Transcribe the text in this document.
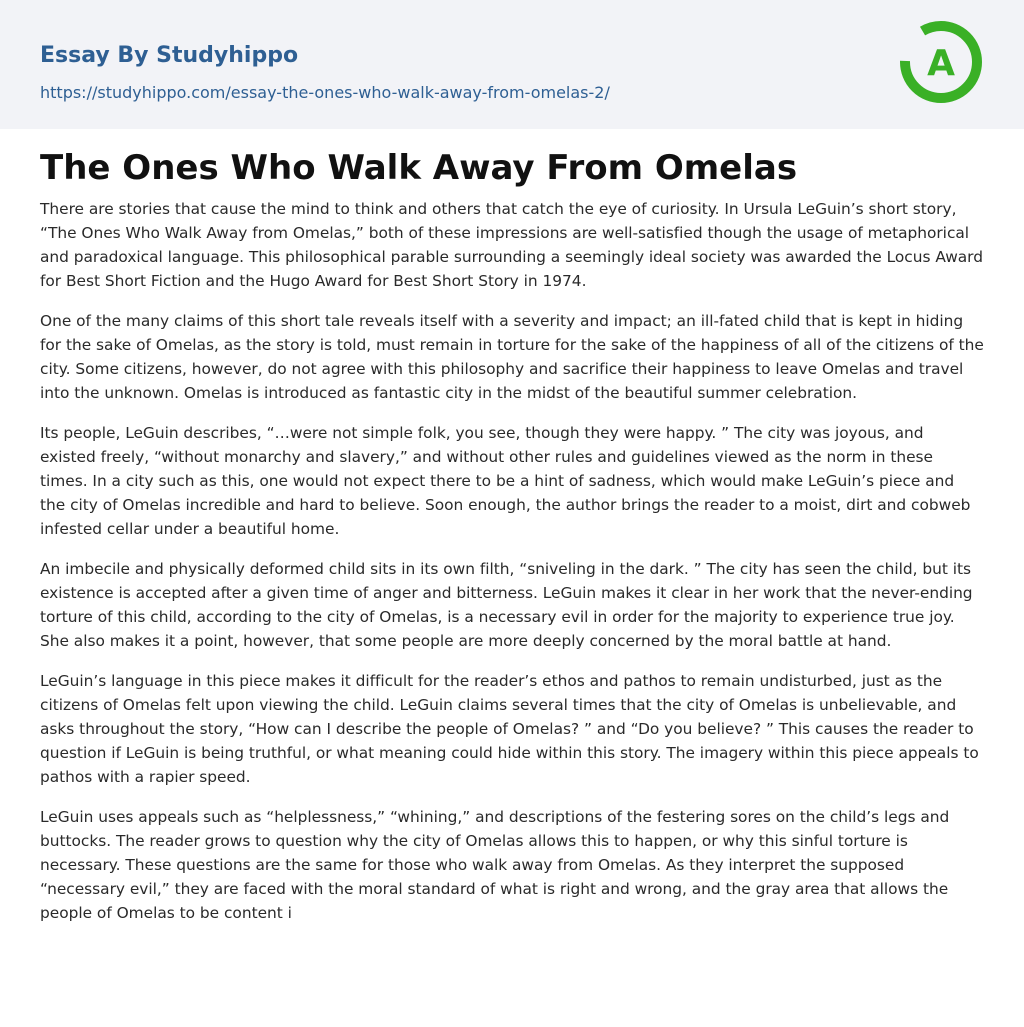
Essay By Studyhippo
https://studyhippo.com/essay-the-ones-who-walk-away-from-omelas-2/
A
The Ones Who Walk Away From Omelas

There are stories that cause the mind to think and others that catch the eye of curiosity. In Ursula LeGuin’s short story, “The Ones Who Walk Away from Omelas,” both of these impressions are well-satisfied though the usage of metaphorical and paradoxical language. This philosophical parable surrounding a seemingly ideal society was awarded the Locus Award for Best Short Fiction and the Hugo Award for Best Short Story in 1974.

One of the many claims of this short tale reveals itself with a severity and impact; an ill-fated child that is kept in hiding for the sake of Omelas, as the story is told, must remain in torture for the sake of the happiness of all of the citizens of the city. Some citizens, however, do not agree with this philosophy and sacrifice their happiness to leave Omelas and travel into the unknown. Omelas is introduced as fantastic city in the midst of the beautiful summer celebration.

Its people, LeGuin describes, “…were not simple folk, you see, though they were happy. ” The city was joyous, and existed freely, “without monarchy and slavery,” and without other rules and guidelines viewed as the norm in these times. In a city such as this, one would not expect there to be a hint of sadness, which would make LeGuin’s piece and the city of Omelas incredible and hard to believe. Soon enough, the author brings the reader to a moist, dirt and cobweb infested cellar under a beautiful home.

An imbecile and physically deformed child sits in its own filth, “sniveling in the dark. ” The city has seen the child, but its existence is accepted after a given time of anger and bitterness. LeGuin makes it clear in her work that the never-ending torture of this child, according to the city of Omelas, is a necessary evil in order for the majority to experience true joy. She also makes it a point, however, that some people are more deeply concerned by the moral battle at hand.

LeGuin’s language in this piece makes it difficult for the reader’s ethos and pathos to remain undisturbed, just as the citizens of Omelas felt upon viewing the child. LeGuin claims several times that the city of Omelas is unbelievable, and asks throughout the story, “How can I describe the people of Omelas? ” and “Do you believe? ” This causes the reader to question if LeGuin is being truthful, or what meaning could hide within this story. The imagery within this piece appeals to pathos with a rapier speed.

LeGuin uses appeals such as “helplessness,” “whining,” and descriptions of the festering sores on the child’s legs and buttocks. The reader grows to question why the city of Omelas allows this to happen, or why this sinful torture is necessary. These questions are the same for those who walk away from Omelas. As they interpret the supposed “necessary evil,” they are faced with the moral standard of what is right and wrong, and the gray area that allows the people of Omelas to be content i
